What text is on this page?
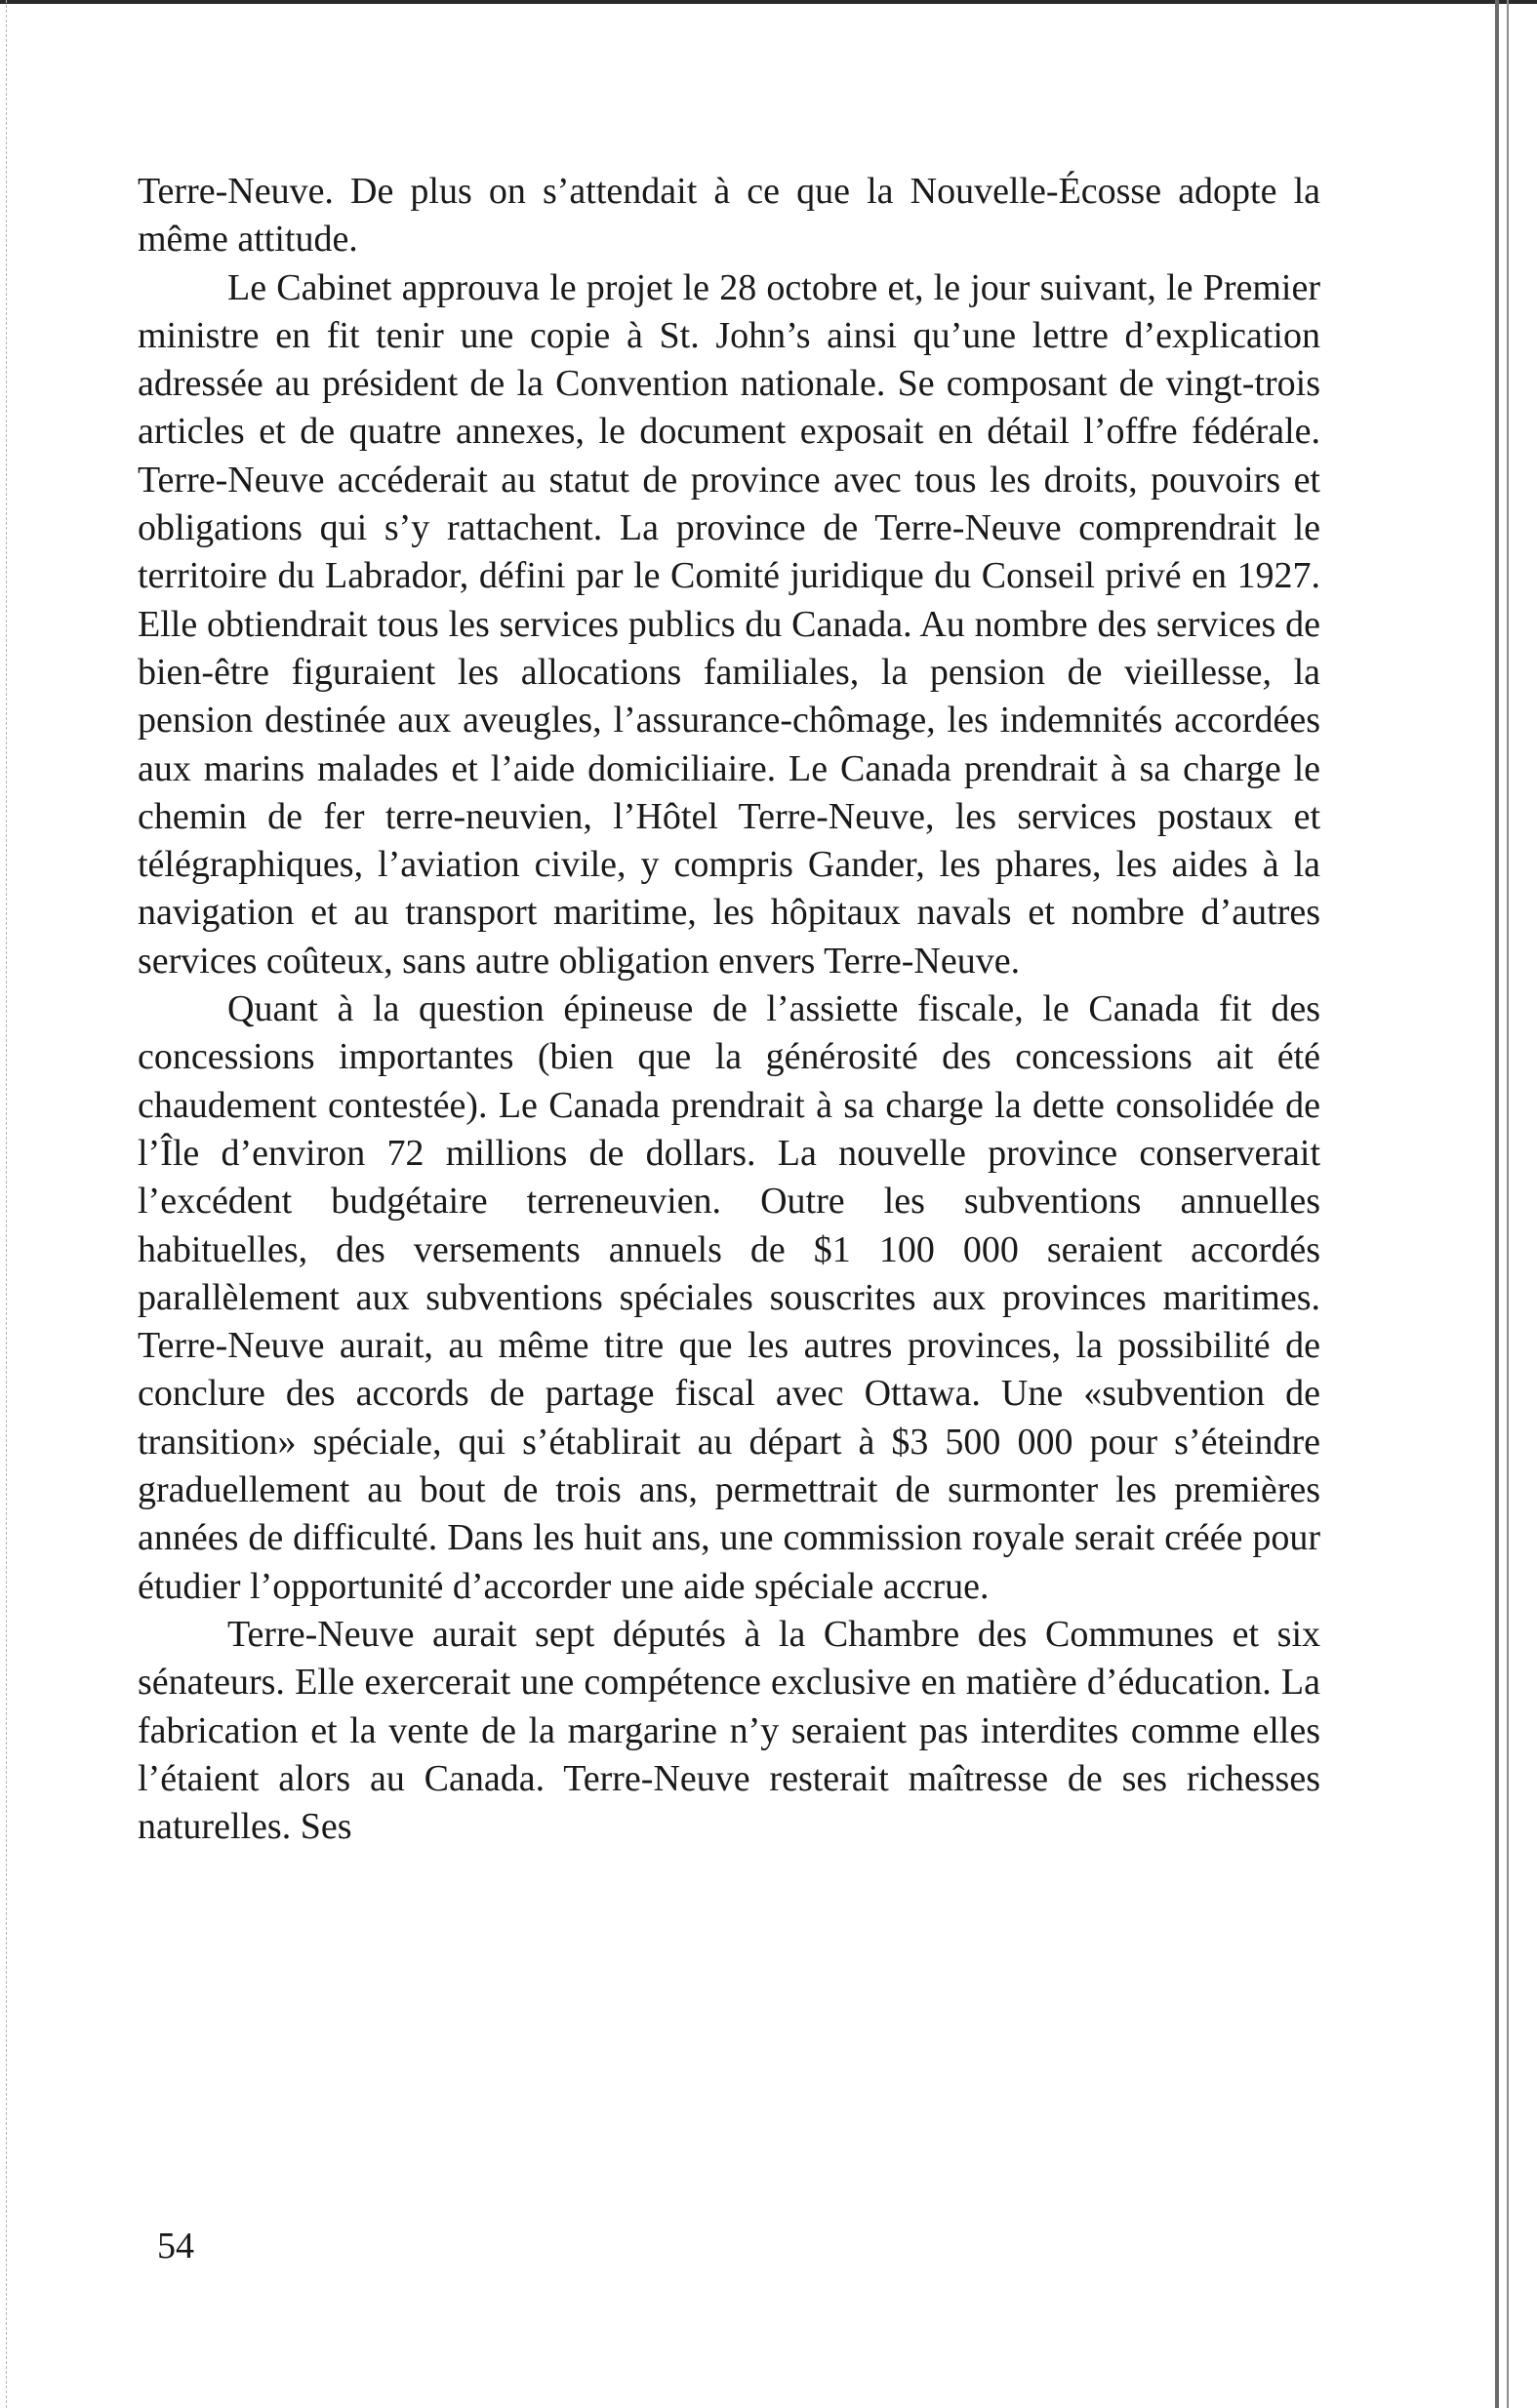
Terre-Neuve. De plus on s’attendait à ce que la Nouvelle-Écosse adopte la même attitude.

Le Cabinet approuva le projet le 28 octobre et, le jour suivant, le Premier ministre en fit tenir une copie à St. John’s ainsi qu’une lettre d’explication adressée au président de la Convention nationale. Se composant de vingt-trois articles et de quatre annexes, le document exposait en détail l’offre fédérale. Terre-Neuve accéderait au statut de province avec tous les droits, pouvoirs et obligations qui s’y rattachent. La province de Terre-Neuve comprendrait le territoire du Labrador, défini par le Comité juridique du Conseil privé en 1927. Elle obtiendrait tous les services publics du Canada. Au nombre des services de bien-être figuraient les allocations familiales, la pension de vieillesse, la pension destinée aux aveugles, l’assurance-chômage, les indemnités accordées aux marins malades et l’aide domiciliaire. Le Canada prendrait à sa charge le chemin de fer terre-neuvien, l’Hôtel Terre-Neuve, les services postaux et télégraphiques, l’aviation civile, y compris Gander, les phares, les aides à la navigation et au transport maritime, les hôpitaux navals et nombre d’autres services coûteux, sans autre obligation envers Terre-Neuve.

Quant à la question épineuse de l’assiette fiscale, le Canada fit des concessions importantes (bien que la générosité des concessions ait été chaudement contestée). Le Canada prendrait à sa charge la dette consolidée de l’Île d’environ 72 millions de dollars. La nouvelle province conserverait l’excédent budgétaire terreneuvien. Outre les subventions annuelles habituelles, des versements annuels de $1 100 000 seraient accordés parallèlement aux subventions spéciales souscrites aux provinces maritimes. Terre-Neuve aurait, au même titre que les autres provinces, la possibilité de conclure des accords de partage fiscal avec Ottawa. Une «subvention de transition» spéciale, qui s’établirait au départ à $3 500 000 pour s’éteindre graduellement au bout de trois ans, permettrait de surmonter les premières années de difficulté. Dans les huit ans, une commission royale serait créée pour étudier l’opportunité d’accorder une aide spéciale accrue.

Terre-Neuve aurait sept députés à la Chambre des Communes et six sénateurs. Elle exercerait une compétence exclusive en matière d’éducation. La fabrication et la vente de la margarine n’y seraient pas interdites comme elles l’étaient alors au Canada. Terre-Neuve resterait maîtresse de ses richesses naturelles. Ses

54
